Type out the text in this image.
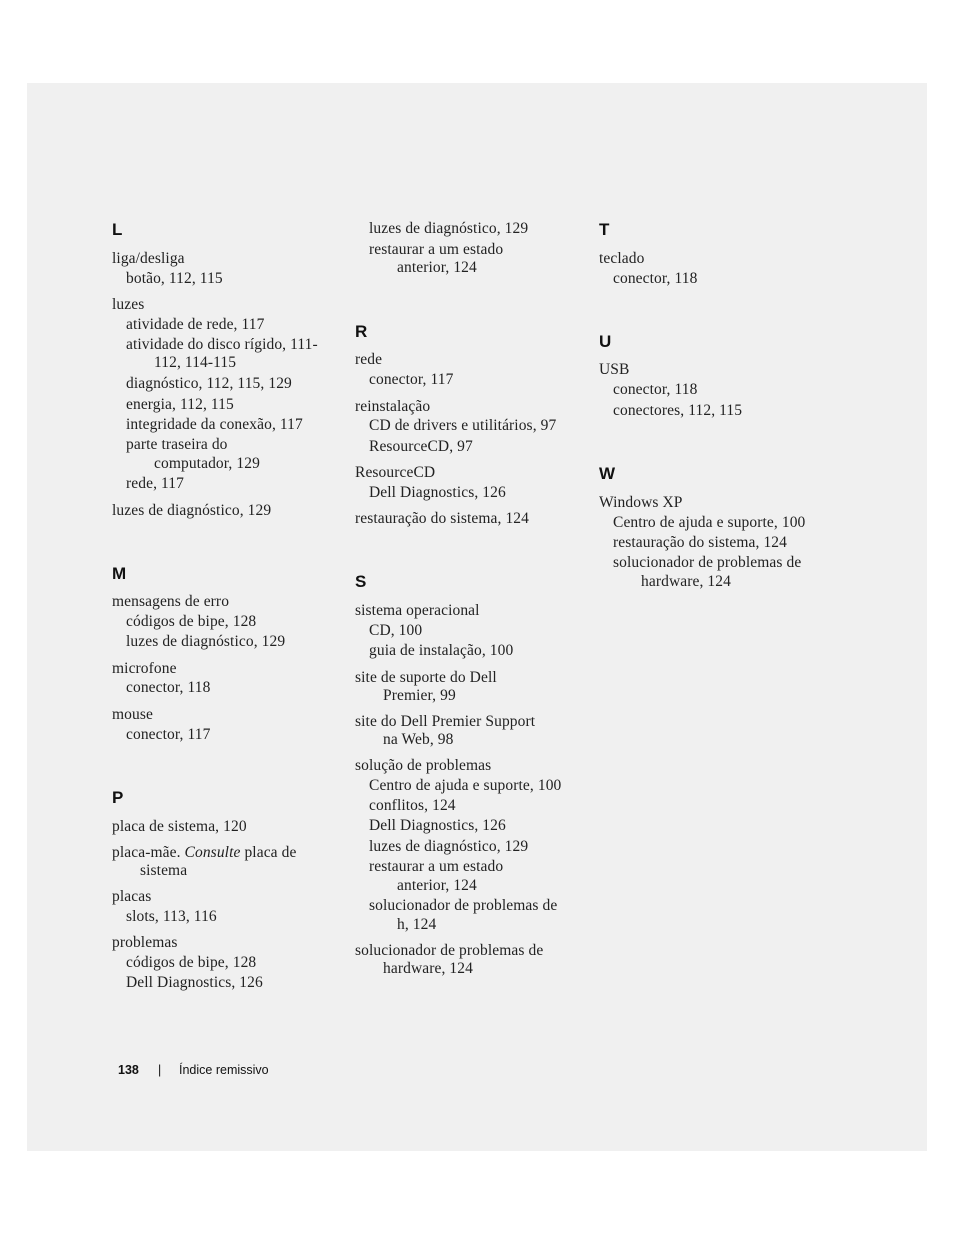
L
liga/desliga
botão, 112, 115
luzes
atividade de rede, 117
atividade do disco rígido, 111-
112, 114-115
diagnóstico, 112, 115, 129
energia, 112, 115
integridade da conexão, 117
parte traseira do
computador, 129
rede, 117
luzes de diagnóstico, 129
M
mensagens de erro
códigos de bipe, 128
luzes de diagnóstico, 129
microfone
conector, 118
mouse
conector, 117
P
placa de sistema, 120
placa-mãe. Consulte placa de
sistema
placas
slots, 113, 116
problemas
códigos de bipe, 128
Dell Diagnostics, 126
luzes de diagnóstico, 129
restaurar a um estado
anterior, 124
R
rede
conector, 117
reinstalação
CD de drivers e utilitários, 97
ResourceCD, 97
ResourceCD
Dell Diagnostics, 126
restauração do sistema, 124
S
sistema operacional
CD, 100
guia de instalação, 100
site de suporte do Dell
Premier, 99
site do Dell Premier Support
na Web, 98
solução de problemas
Centro de ajuda e suporte, 100
conflitos, 124
Dell Diagnostics, 126
luzes de diagnóstico, 129
restaurar a um estado
anterior, 124
solucionador de problemas de
h, 124
solucionador de problemas de
hardware, 124
T
teclado
conector, 118
U
USB
conector, 118
conectores, 112, 115
W
Windows XP
Centro de ajuda e suporte, 100
restauração do sistema, 124
solucionador de problemas de
hardware, 124
138 | Índice remissivo
